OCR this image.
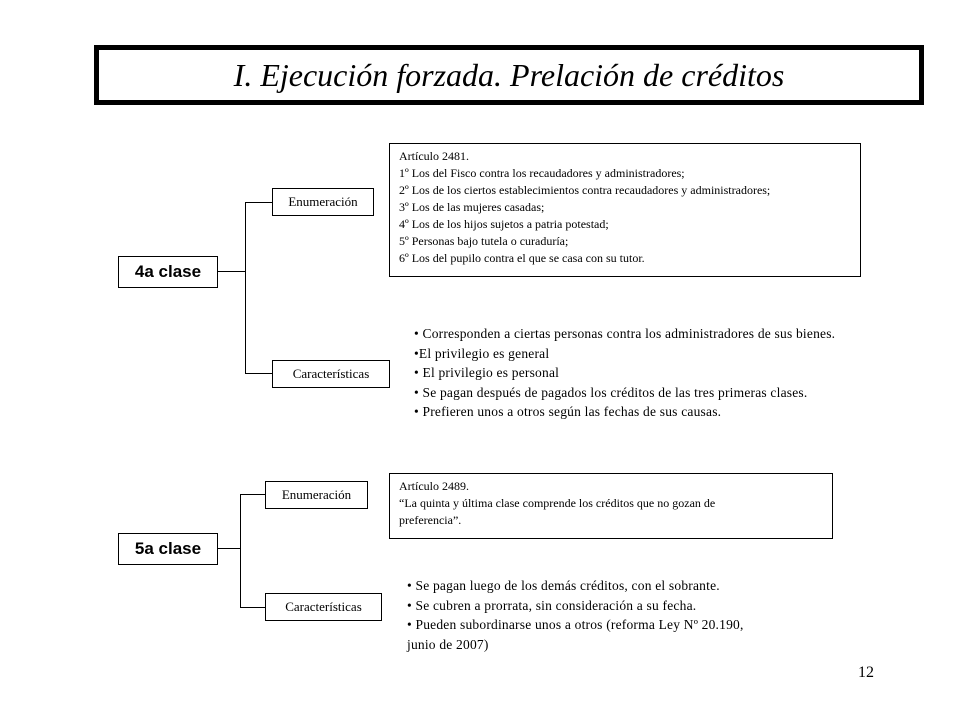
I. Ejecución forzada. Prelación de créditos
4a clase
Enumeración
Características
Artículo 2481.
1º Los del Fisco contra los recaudadores y administradores;
2º Los de los ciertos establecimientos contra recaudadores y administradores;
3º Los de las mujeres casadas;
4º Los de los hijos sujetos a patria potestad;
5º Personas bajo tutela o curaduría;
6º Los del pupilo contra el que se casa con su tutor.
• Corresponden a ciertas personas contra los administradores de sus bienes.
•El privilegio es general
• El privilegio es personal
• Se pagan después de pagados los créditos de las tres primeras clases.
• Prefieren unos a otros según las fechas de sus causas.
5a clase
Enumeración
Características
Artículo 2489.
“La quinta y última clase comprende los créditos que no gozan de
preferencia”.
• Se pagan luego de los demás créditos, con el sobrante.
• Se cubren a prorrata, sin consideración a su fecha.
• Pueden subordinarse unos a otros (reforma Ley Nº 20.190,
junio de 2007)
12
